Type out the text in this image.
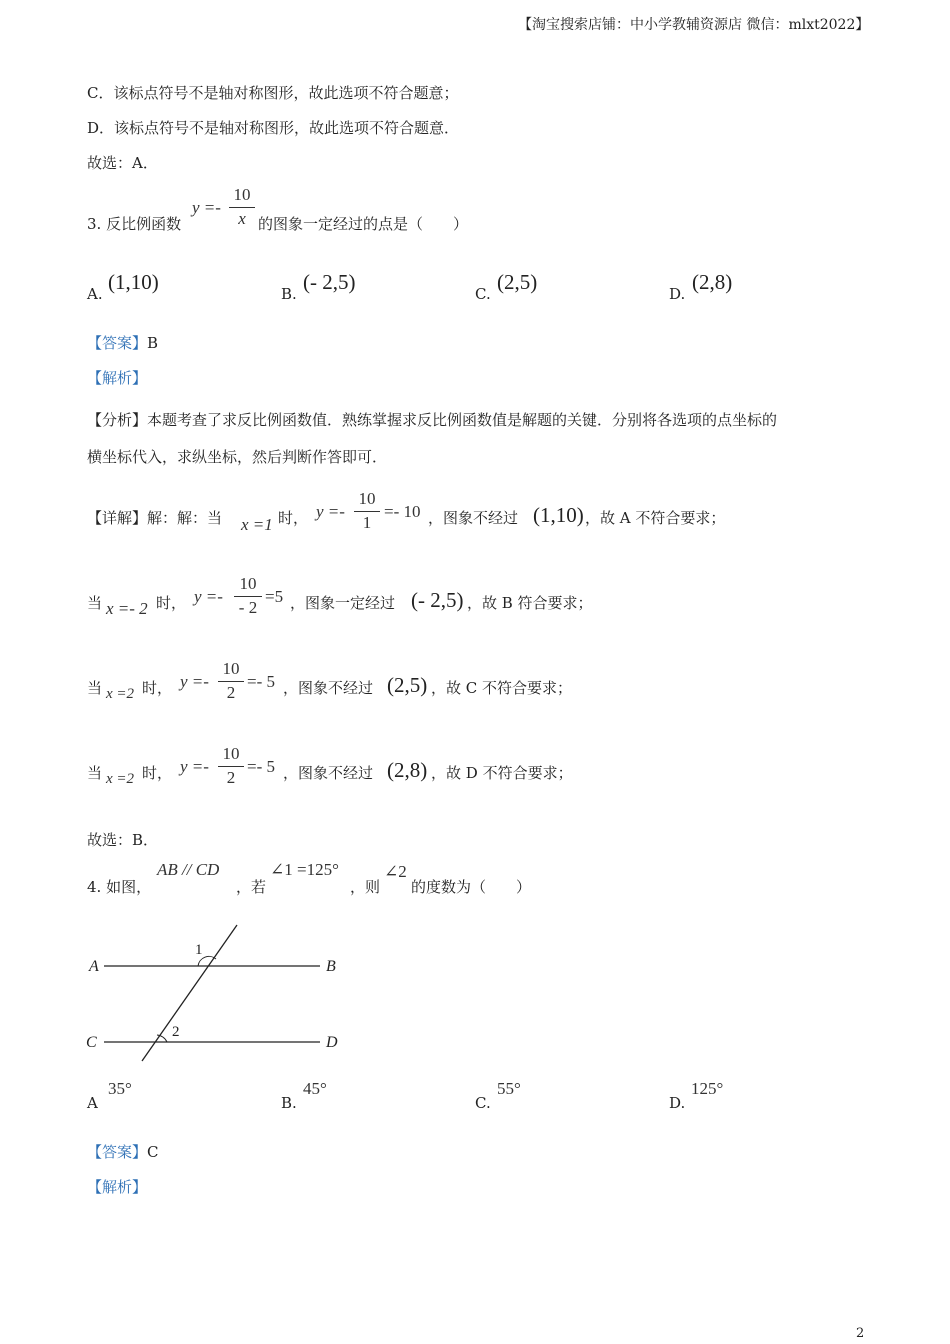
【淘宝搜索店铺：中小学教辅资源店 微信：mlxt2022】
C．该标点符号不是轴对称图形，故此选项不符合题意；
D．该标点符号不是轴对称图形，故此选项不符合题意．
故选：A．
3. 反比例函数
y =-
10
x 的图象一定经过的点是（　　）
A. (1,10)	B. (- 2,5)	C. (2,5)	D. (2,8)
【答案】B
【解析】
【分析】本题考查了求反比例函数值．熟练掌握求反比例函数值是解题的关键．分别将各选项的点坐标的
横坐标代入，求纵坐标，然后判断作答即可．
【详解】解：解：当 x =1 时， y =-
10
1
=- 10 ，图象不经过 (1,10) ，故 A 不符合要求；
当 x =- 2 时， y =-
10
- 2
=5 ，图象一定经过 (- 2,5) ，故 B 符合要求；
当 x =2 时， y =-
10
2
=- 5 ，图象不经过 (2,5) ，故 C 不符合要求；
当 x =2 时， y =-
10
2
=- 5 ，图象不经过 (2,8) ，故 D 不符合要求；
故选：B．
4. 如图，
AB // CD
，若
∠1 =125°
，则
∠2
的度数为（　　）
A	B
C	D
1
2
A
35°
B.
45°
C.
55°
D.
125°
【答案】C
【解析】
2
